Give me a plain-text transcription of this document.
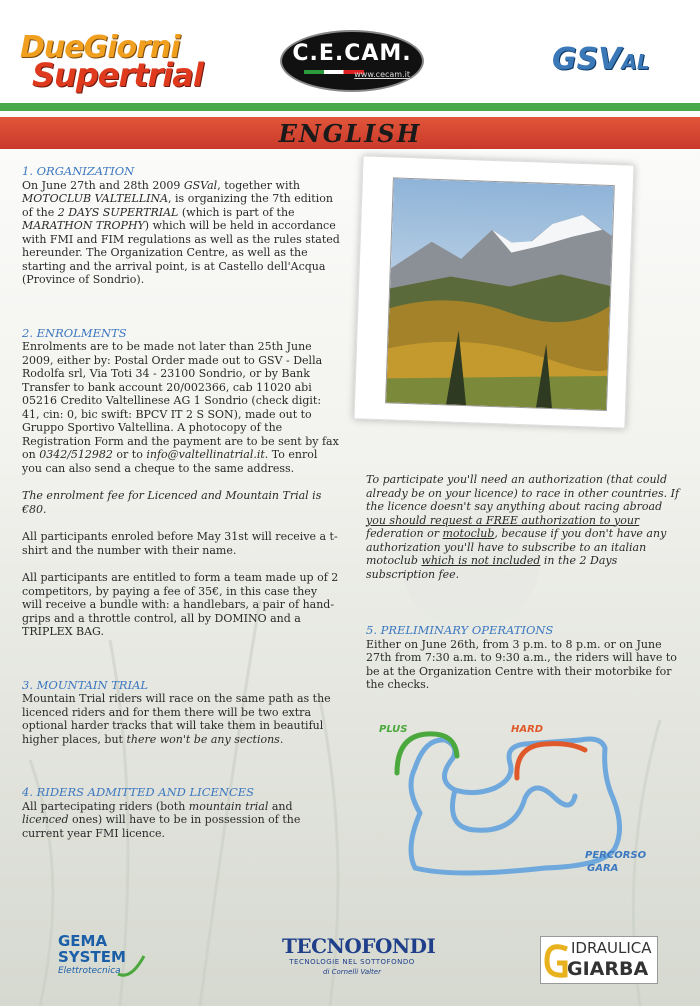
DueGiorni
Supertrial
C.E.CAM.
www.cecam.it	GSVAL
ENGLISH
1. ORGANIZATION

On June 27th and 28th 2009 GSVal, together with MOTOCLUB VALTELLINA, is organizing the 7th edition of the 2 DAYS SUPERTRIAL (which is part of the MARATHON TROPHY) which will be held in accordance with FMI and FIM regulations as well as the rules stated hereunder. The Organization Centre, as well as the starting and the arrival point, is at Castello dell'Acqua (Province of Sondrio).

2. ENROLMENTS

Enrolments are to be made not later than 25th June 2009, either by: Postal Order made out to GSV - Della Rodolfa srl, Via Toti 34 - 23100 Sondrio, or by Bank Transfer to bank account 20/002366, cab 11020 abi 05216 Credito Valtellinese AG 1 Sondrio (check digit: 41, cin: 0, bic swift: BPCV IT 2 S SON), made out to Gruppo Sportivo Valtellina. A photocopy of the Registration Form and the payment are to be sent by fax on 0342/512982 or to info@valtellinatrial.it. To enrol you can also send a cheque to the same address.

The enrolment fee for Licenced and Mountain Trial is €80.

All participants enroled before May 31st will receive a t-shirt and the number with their name.

All participants are entitled to form a team made up of 2 competitors, by paying a fee of 35€, in this case they will receive a bundle with: a handlebars, a pair of hand-grips and a throttle control, all by DOMINO and a TRIPLEX BAG.

3. MOUNTAIN TRIAL

Mountain Trial riders will race on the same path as the licenced riders and for them there will be two extra optional harder tracks that will take them in beautiful higher places, but there won't be any sections.

4. RIDERS ADMITTED AND LICENCES

All partecipating riders (both mountain trial and licenced ones) will have to be in possession of the current year FMI licence.

To participate you'll need an authorization (that could already be on your licence) to race in other countries. If the licence doesn't say anything about racing abroad you should request a FREE authorization to your federation or motoclub, because if you don't have any authorization you'll have to subscribe to an italian motoclub which is not included in the 2 Days subscription fee.

5. PRELIMINARY OPERATIONS

Either on June 26th, from 3 p.m. to 8 p.m. or on June 27th from 7:30 a.m. to 9:30 a.m., the riders will have to be at the Organization Centre with their motorbike for the checks.

PLUS	HARD
PERCORSO
GARA
GEMA
SYSTEM
Elettrotecnica
TECNOFONDI
TECNOLOGIE NEL SOTTOFONDO
di Cornelli Valter
IDRAULICA
GIARBA
